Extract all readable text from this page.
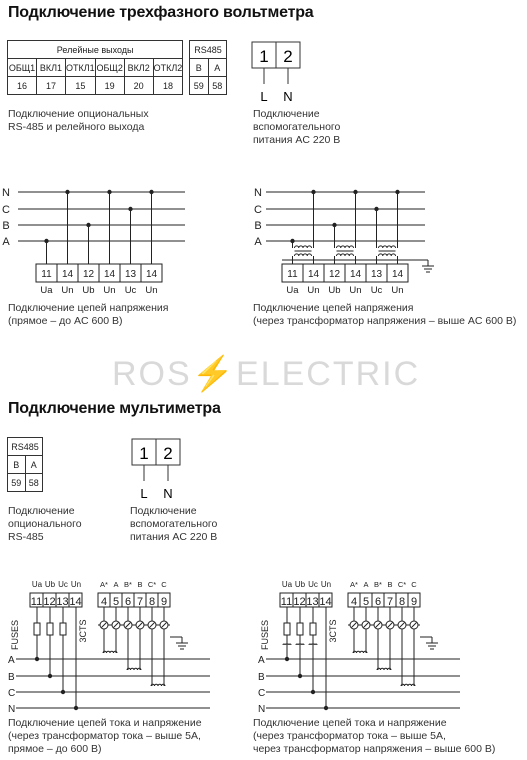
Подключение трехфазного вольтметра
Релейные выходы					
ОБЩ1	ВКЛ1	ОТКЛ1	ОБЩ2	ВКЛ2	ОТКЛ2
16	17	15	19	20	18
RS485	
B	A
59	58
Подключение опциональных
RS-485 и релейного выхода
1 2
L N
Подключение
вспомогательного
питания AC 220 В
N
C
B
A
11
Ua
14
Un
12
Ub
14
Un
13
Uc
14
Un
Подключение цепей напряжения
(прямое – до AC 600 В)
N
C
B
A
11
Ua
14
Un
12
Ub
14
Un
13
Uc
14
Un
Подключение цепей напряжения
(через трансформатор напряжения – выше AC 600 В)
ROS⚡ELECTRIC
Подключение мультиметра
RS485	
B	A
59	58
Подключение
опционального
RS-485
1 2
L N
Подключение
вспомогательного
питания AC 220 В
Ua Ub Uc Un
11 12 13 14
A* A B* B C* C
4 5 6 7 8 9
FUSES	3CTS
A
B
C
N
Ua Ub Uc Un
11 12 13 14
A* A B* B C* C
4 5 6 7 8 9
FUSES	3CTS
A
B
C
N
Подключение цепей тока и напряжение
(через трансформатор тока – выше 5А,
прямое – до 600 В)
Подключение цепей тока и напряжение
(через трансформатор тока – выше 5А,
через трансформатор напряжения – выше 600 В)
